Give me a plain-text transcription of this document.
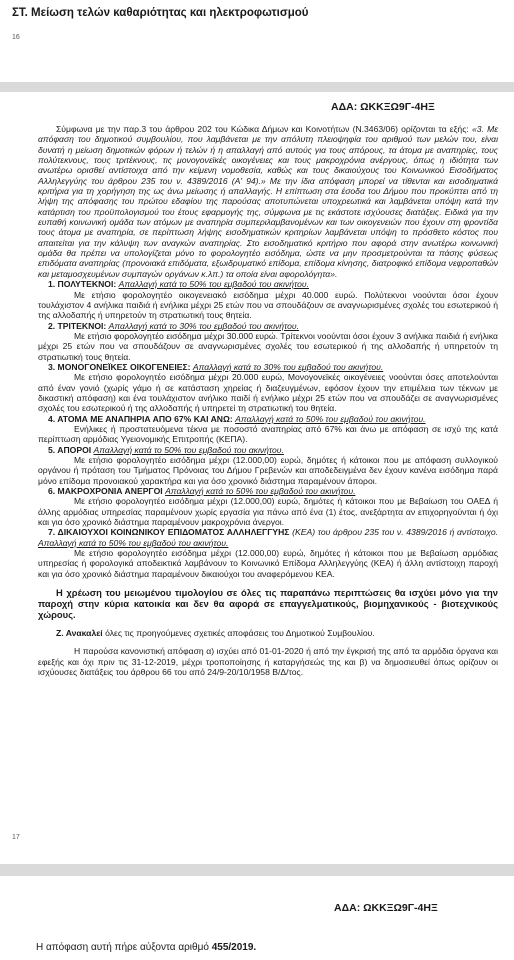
ΣΤ. Μείωση τελών καθαριότητας και ηλεκτροφωτισμού
16
ΑΔΑ: ΩΚΚΞΩ9Γ-4ΗΞ

Σύμφωνα με την παρ.3 του άρθρου 202 του Κώδικα Δήμων και Κοινοτήτων (Ν.3463/06) ορίζονται τα εξής: «3. Με απόφαση του δημοτικού συμβουλίου, που λαμβάνεται με την απόλυτη πλειοψηφία του αριθμού των μελών του, είναι δυνατή η μείωση δημοτικών φόρων ή τελών ή η απαλλαγή από αυτούς για τους απόρους, τα άτομα με αναπηρίες, τους πολύτεκνους, τους τριτέκνους, τις μονογονεϊκές οικογένειες και τους μακροχρόνια ανέργους, όπως η ιδιότητα των ανωτέρω ορισθεί αντίστοιχα από την κείμενη νομοθεσία, καθώς και τους δικαιούχους του Κοινωνικού Εισοδήματος Αλληλεγγύης του άρθρου 235 του ν. 4389/2016 (Α' 94).» Με την ίδια απόφαση μπορεί να τίθενται και εισοδηματικά κριτήρια για τη χορήγηση της ως άνω μείωσης ή απαλλαγής. Η επίπτωση στα έσοδα του Δήμου που προκύπτει από τη λήψη της απόφασης του πρώτου εδαφίου της παρούσας αποτυπώνεται υποχρεωτικά και λαμβάνεται υπόψη κατά την κατάρτιση του προϋπολογισμού του έτους εφαρμογής της, σύμφωνα με τις εκάστοτε ισχύουσες διατάξεις. Ειδικά για την ευπαθή κοινωνική ομάδα των ατόμων με αναπηρία συμπεριλαμβανομένων και των οικογενειών που έχουν στη φροντίδα τους άτομα με αναπηρία, σε περίπτωση λήψης εισοδηματικών κριτηρίων λαμβάνεται υπόψη το πρόσθετο κόστος που απαιτείται για την κάλυψη των αναγκών αναπηρίας. Στο εισοδηματικό κριτήριο που αφορά στην ανωτέρω κοινωνική ομάδα θα πρέπει να υπολογίζεται μόνο το φορολογητέο εισόδημα, ώστε να μην προσμετρούνται τα πάσης φύσεως επιδόματα αναπηρίας (προνοιακά επιδόματα, εξωιδρυματικό επίδομα, επίδομα κίνησης, διατροφικό επίδομα νεφροπαθών και μεταμοσχευμένων συμπαγών οργάνων κ.λπ.) τα οποία είναι αφορολόγητα».

1. ΠΟΛΥΤΕΚΝΟΙ: Απαλλαγή κατά το 50% του εμβαδού του ακινήτου.

Με ετήσιο φορολογητέο οικογενειακό εισόδημα μέχρι 40.000 ευρώ. Πολύτεκνοι νοούνται όσοι έχουν τουλάχιστον 4 ανήλικα παιδιά ή ενήλικα μέχρι 25 ετών που να σπουδάζουν σε αναγνωρισμένες σχολές του εσωτερικού ή της αλλοδαπής ή υπηρετούν τη στρατιωτική τους θητεία.

2. ΤΡΙΤΕΚΝΟΙ: Απαλλαγή κατά το 30% του εμβαδού του ακινήτου.

Με ετήσιο φορολογητέο εισόδημα μέχρι 30.000 ευρώ. Τρίτεκνοι νοούνται όσοι έχουν 3 ανήλικα παιδιά ή ενήλικα μέχρι 25 ετών που να σπουδάζουν σε αναγνωρισμένες σχολές του εσωτερικού ή της αλλοδαπής ή υπηρετούν τη στρατιωτική τους θητεία.

3. ΜΟΝΟΓΟΝΕΪΚΕΣ ΟΙΚΟΓΕΝΕΙΕΣ: Απαλλαγή κατά το 30% του εμβαδού του ακινήτου.

Με ετήσιο φορολογητέο εισόδημα μέχρι 20.000 ευρώ, Μονογονεϊκές οικογένειες νοούνται όσες αποτελούνται από έναν γονιό (χωρίς γάμο ή σε κατάσταση χηρείας ή διαζευγμένων, εφόσον έχουν την επιμέλεια των τέκνων με δικαστική απόφαση) και ένα τουλάχιστον ανήλικο παιδί ή ενήλικο μέχρι 25 ετών που να σπουδάζει σε αναγνωρισμένες σχολές του εσωτερικού ή της αλλοδαπής ή υπηρετεί τη στρατιωτική του θητεία.

4. ΑΤΟΜΑ ΜΕ ΑΝΑΠΗΡΙΑ ΑΠΟ 67% ΚΑΙ ΑΝΩ: Απαλλαγή κατά το 50% του εμβαδού του ακινήτου.

Ενήλικες ή προστατευόμενα τέκνα με ποσοστό αναπηρίας από 67% και άνω με απόφαση σε ισχύ της κατά περίπτωση αρμόδιας Υγειονομικής Επιτροπής (ΚΕΠΑ).

5. ΑΠΟΡΟΙ Απαλλαγή κατά το 50% του εμβαδού του ακινήτου.

Με ετήσιο φορολογητέο εισόδημα μέχρι (12.000,00) ευρώ, δημότες ή κάτοικοι που με απόφαση συλλογικού οργάνου ή πρόταση του Τμήματος Πρόνοιας του Δήμου Γρεβενών και αποδεδειγμένα δεν έχουν κανένα εισόδημα παρά μόνο επίδομα προνοιακού χαρακτήρα και για όσο χρονικό διάστημα παραμένουν άποροι.

6. ΜΑΚΡΟΧΡΟΝΙΑ ΑΝΕΡΓΟΙ Απαλλαγή κατά το 50% του εμβαδού του ακινήτου.

Με ετήσιο φορολογητέο εισόδημα μέχρι (12.000,00) ευρώ, δημότες ή κάτοικοι που με Βεβαίωση του ΟΑΕΔ ή άλλης αρμόδιας υπηρεσίας παραμένουν χωρίς εργασία για πάνω από ένα (1) έτος, ανεξάρτητα αν επιχορηγούνται ή όχι και για όσο χρονικό διάστημα παραμένουν μακροχρόνια άνεργοι.

7. ΔΙΚΑΙΟΥΧΟΙ ΚΟΙΝΩΝΙΚΟΥ ΕΠΙΔΟΜΑΤΟΣ ΑΛΛΗΛΕΓΓΥΗΣ (ΚΕΑ) του άρθρου 235 του ν. 4389/2016 ή αντίστοιχο. Απαλλαγή κατά το 50% του εμβαδού του ακινήτου.

Με ετήσιο φορολογητέο εισόδημα μέχρι (12.000,00) ευρώ, δημότες ή κάτοικοι που με Βεβαίωση αρμόδιας υπηρεσίας ή φορολογικά αποδεικτικά λαμβάνουν το Κοινωνικό Επίδομα Αλληλεγγύης (ΚΕΑ) ή άλλη αντίστοιχη παροχή και για όσο χρονικό διάστημα παραμένουν δικαιούχοι του αναφερόμενου ΚΕΑ.

Η χρέωση του μειωμένου τιμολογίου σε όλες τις παραπάνω περιπτώσεις θα ισχύει μόνο για την παροχή στην κύρια κατοικία και δεν θα αφορά σε επαγγελματικούς, βιομηχανικούς - βιοτεχνικούς χώρους.

Ζ. Ανακαλεί όλες τις προηγούμενες σχετικές αποφάσεις του Δημοτικού Συμβουλίου.

Η παρούσα κανονιστική απόφαση α) ισχύει από 01-01-2020 ή από την έγκρισή της από τα αρμόδια όργανα και εφεξής και όχι πριν τις 31-12-2019, μέχρι τροποποίησης ή καταργήσεώς της και β) να δημοσιευθεί όπως ορίζουν οι ισχύουσες διατάξεις του άρθρου 66 του από 24/9-20/10/1958 Β/Δ/τος.

17
ΑΔΑ: ΩΚΚΞΩ9Γ-4ΗΞ
Η απόφαση αυτή πήρε αύξοντα αριθμό 455/2019.
